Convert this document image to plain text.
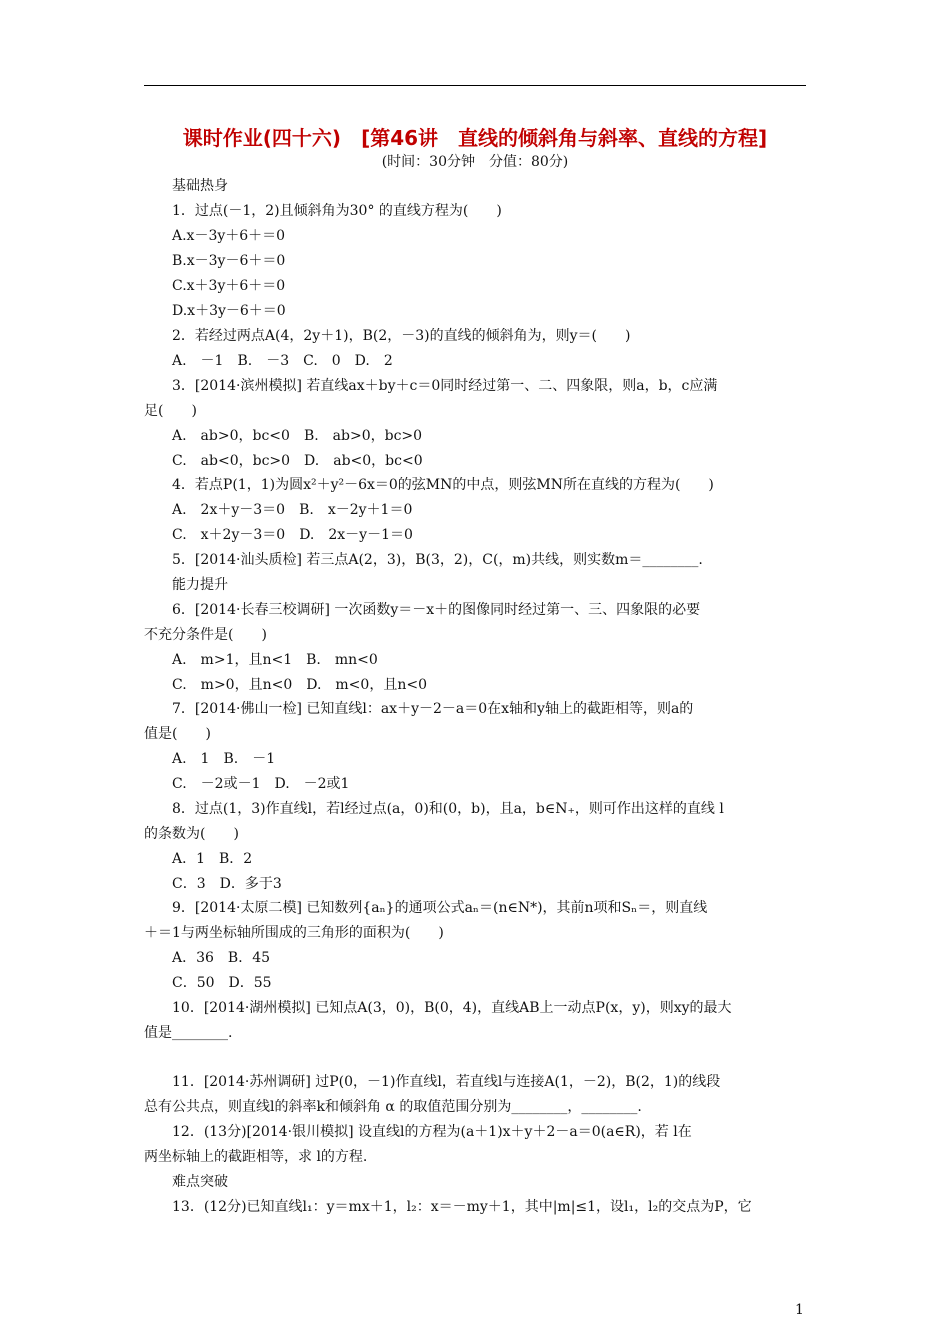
课时作业(四十六)　[第46讲　直线的倾斜角与斜率、直线的方程]
(时间：30分钟　分值：80分)
基础热身
1．过点(－1，2)且倾斜角为30° 的直线方程为(　　)
A.x－3y＋6＋＝0
B.x－3y－6＋＝0
C.x＋3y＋6＋＝0
D.x＋3y－6＋＝0
2．若经过两点A(4，2y＋1)，B(2，－3)的直线的倾斜角为，则y＝(　　)
A.　－1　B.　－3　C.　0　D.　2
3．[2014·滨州模拟] 若直线ax＋by＋c＝0同时经过第一、二、四象限，则a，b，c应满
足(　　)
A.　ab>0，bc<0　B.　ab>0，bc>0
C.　ab<0，bc>0　D.　ab<0，bc<0
4．若点P(1，1)为圆x²＋y²－6x＝0的弦MN的中点，则弦MN所在直线的方程为(　　)
A.　2x＋y－3＝0　B.　x－2y＋1＝0
C.　x＋2y－3＝0　D.　2x－y－1＝0
5．[2014·汕头质检] 若三点A(2，3)，B(3，2)，C(，m)共线，则实数m＝________.
能力提升
6．[2014·长春三校调研] 一次函数y＝－x＋的图像同时经过第一、三、四象限的必要
不充分条件是(　　)
A.　m>1，且n<1　B.　mn<0
C.　m>0，且n<0　D.　m<0，且n<0
7．[2014·佛山一检] 已知直线l：ax＋y－2－a＝0在x轴和y轴上的截距相等，则a的
值是(　　)
A.　1　B.　－1
C.　－2或－1　D.　－2或1
8．过点(1，3)作直线l，若l经过点(a，0)和(0，b)，且a，b∈N₊，则可作出这样的直线 l
的条数为(　　)
A．1　B．2
C．3　D．多于3
9．[2014·太原二模] 已知数列{aₙ}的通项公式aₙ＝(n∈N*)，其前n项和Sₙ＝，则直线
＋＝1与两坐标轴所围成的三角形的面积为(　　)
A．36　B．45
C．50　D．55
10．[2014·湖州模拟] 已知点A(3，0)，B(0，4)，直线AB上一动点P(x，y)，则xy的最大
值是________.
11．[2014·苏州调研] 过P(0，－1)作直线l，若直线l与连接A(1，－2)，B(2，1)的线段
总有公共点，则直线l的斜率k和倾斜角 α 的取值范围分别为________，________.
12．(13分)[2014·银川模拟] 设直线l的方程为(a＋1)x＋y＋2－a＝0(a∈R)，若 l在
两坐标轴上的截距相等，求 l的方程.
难点突破
13．(12分)已知直线l₁：y＝mx＋1，l₂：x＝－my＋1，其中|m|≤1，设l₁，l₂的交点为P，它
1
